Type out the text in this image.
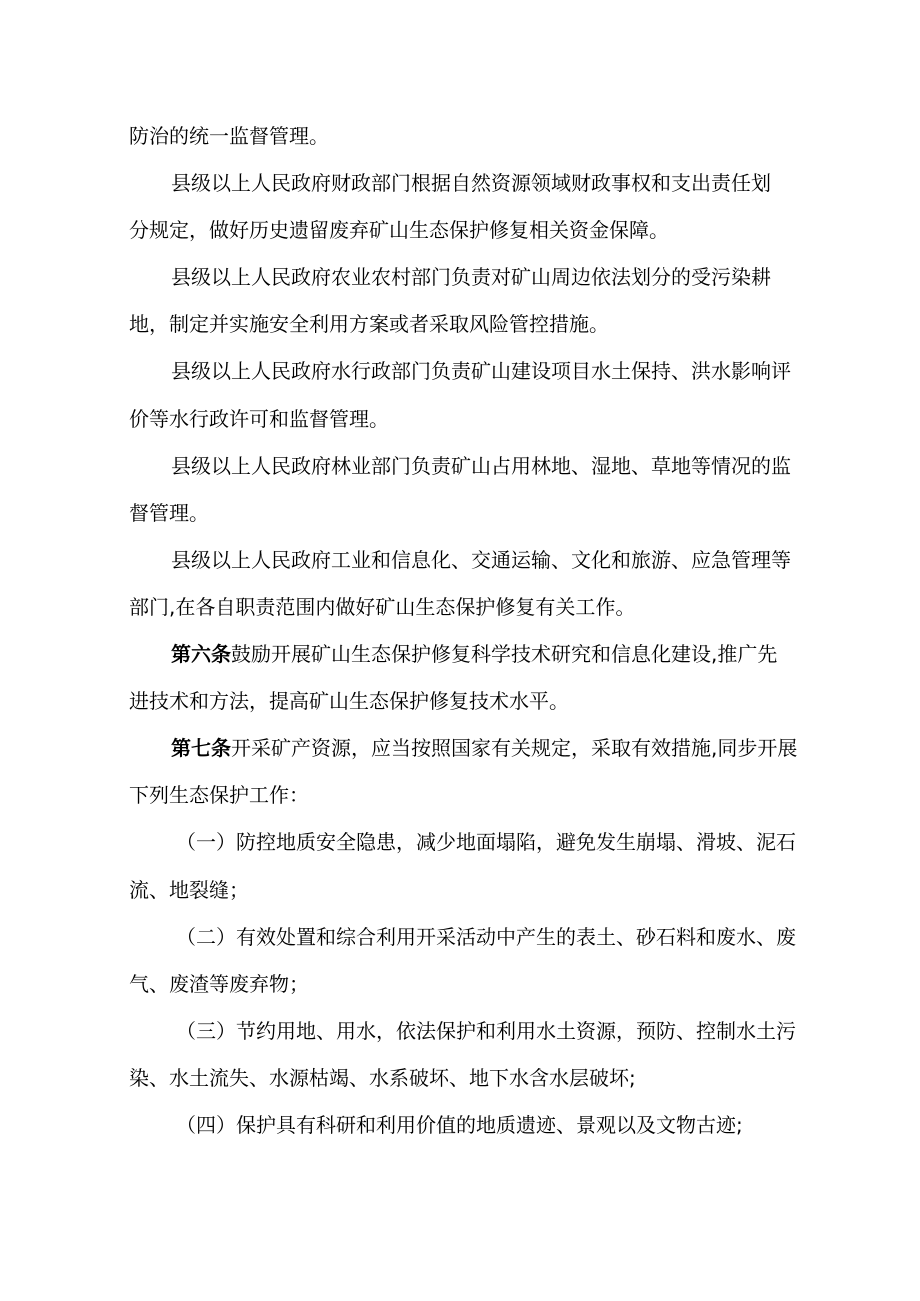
防治的统一监督管理。
县级以上人民政府财政部门根据自然资源领域财政事权和支出责任划
分规定，做好历史遗留废弃矿山生态保护修复相关资金保障。
县级以上人民政府农业农村部门负责对矿山周边依法划分的受污染耕
地，制定并实施安全利用方案或者采取风险管控措施。
县级以上人民政府水行政部门负责矿山建设项目水土保持、洪水影响评
价等水行政许可和监督管理。
县级以上人民政府林业部门负责矿山占用林地、湿地、草地等情况的监
督管理。
县级以上人民政府工业和信息化、交通运输、文化和旅游、应急管理等
部门,在各自职责范围内做好矿山生态保护修复有关工作。
第六条鼓励开展矿山生态保护修复科学技术研究和信息化建设,推广先
进技术和方法，提高矿山生态保护修复技术水平。
第七条开采矿产资源，应当按照国家有关规定，采取有效措施,同步开展
下列生态保护工作：
（一）防控地质安全隐患，减少地面塌陷，避免发生崩塌、滑坡、泥石
流、地裂缝；
（二）有效处置和综合利用开采活动中产生的表土、砂石料和废水、废
气、废渣等废弃物；
（三）节约用地、用水，依法保护和利用水土资源，预防、控制水土污
染、水土流失、水源枯竭、水系破坏、地下水含水层破坏;
（四）保护具有科研和利用价值的地质遗迹、景观以及文物古迹;
